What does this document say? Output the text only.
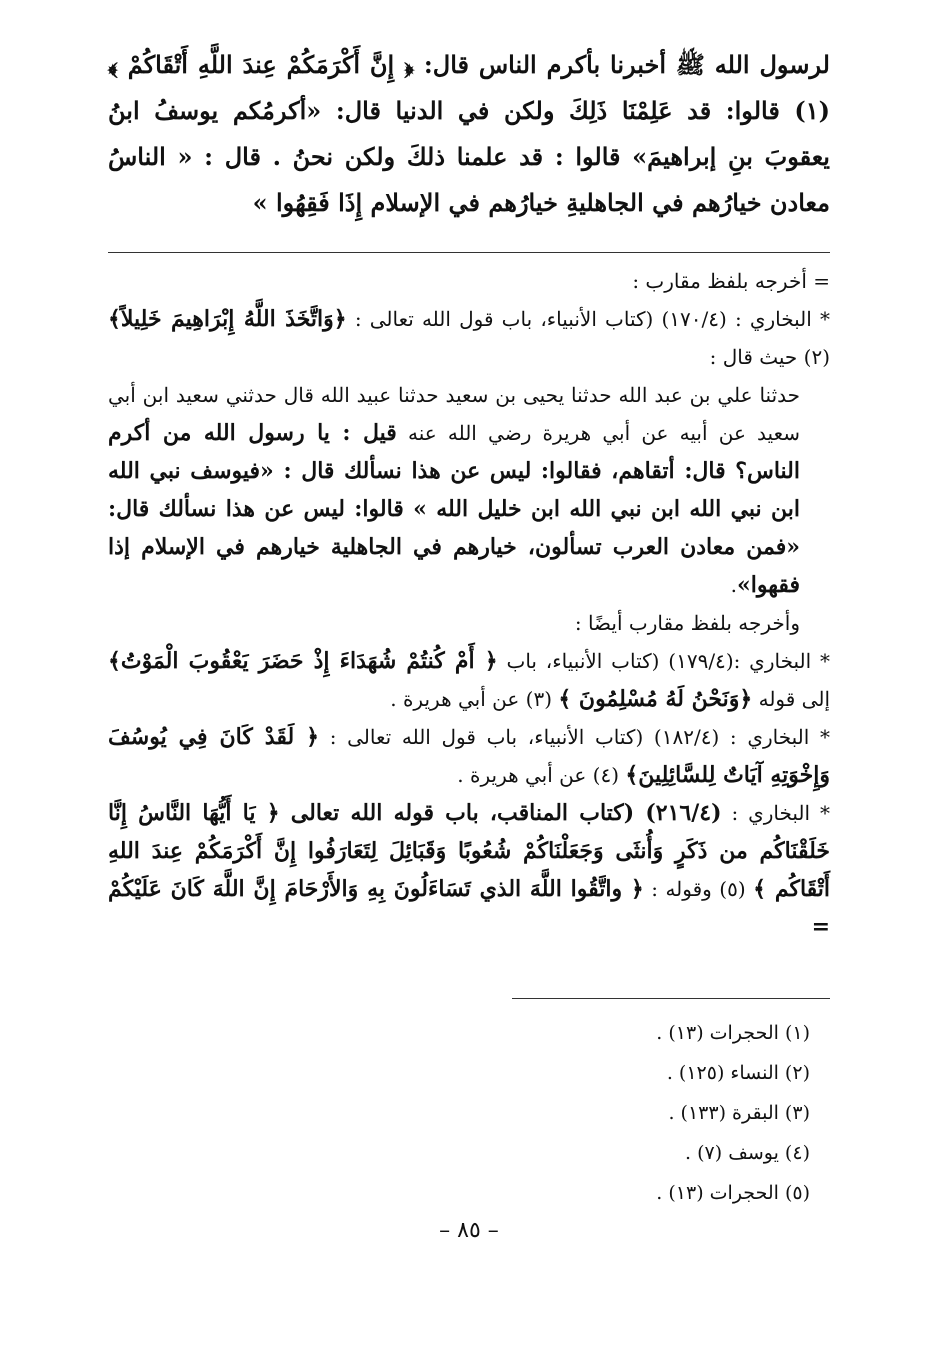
لرسول الله ﷺ أخبرنا بأكرم الناس قال: ﴿ إِنَّ أَكْرَمَكُمْ عِندَ اللَّهِ أَتْقَاكُمْ ﴾ (١) قالوا: قد عَلِمْنَا ذَلِكَ ولكن في الدنيا قال: «أكرمُكم يوسفُ ابنُ يعقوبَ بنِ إبراهيمَ» قالوا : قد علمنا ذلكَ ولكن نحنُ . قال : « الناسُ معادن خيارُهم في الجاهليةِ خيارُهم في الإسلام إِذَا فَقِهُوا »

= أخرجه بلفظ مقارب :

* البخاري : (١٧٠/٤) (كتاب الأنبياء، باب قول الله تعالى : ﴿وَاتَّخَذَ اللَّهُ إِبْرَاهِيمَ خَلِيلاً﴾ (٢) حيث قال :

حدثنا علي بن عبد الله حدثنا يحيى بن سعيد حدثنا عبيد الله قال حدثني سعيد ابن أبي سعيد عن أبيه عن أبي هريرة رضي الله عنه قيل : يا رسول الله من أكرم الناس؟ قال: أتقاهم، فقالوا: ليس عن هذا نسألك قال : «فيوسف نبي الله ابن نبي الله ابن نبي الله ابن خليل الله » قالوا: ليس عن هذا نسألك قال: «فمن معادن العرب تسألون، خيارهم في الجاهلية خيارهم في الإسلام إذا فقهوا».

وأخرجه بلفظ مقارب أيضًا :

* البخاري :(١٧٩/٤) (كتاب الأنبياء، باب ﴿ أَمْ كُنتُمْ شُهَدَاءَ إِذْ حَضَرَ يَعْقُوبَ الْمَوْتُ﴾ إلى قوله ﴿وَنَحْنُ لَهُ مُسْلِمُونَ ﴾ (٣) عن أبي هريرة .

* البخاري : (١٨٢/٤) (كتاب الأنبياء، باب قول الله تعالى : ﴿ لَقَدْ كَانَ فِي يُوسُفَ وَإِخْوَتِهِ آيَاتٌ لِلسَّائِلِينَ﴾ (٤) عن أبي هريرة .

* البخاري : (٢١٦/٤) (كتاب المناقب، باب قوله الله تعالى ﴿ يَا أَيُّهَا النَّاسُ إِنَّا خَلَقْنَاكُم من ذَكَرٍ وَأُنثَى وَجَعَلْنَاكُمْ شُعُوبًا وَقَبَائِلَ لِتَعَارَفُوا إِنَّ أَكْرَمَكُمْ عِندَ اللهِ أَتْقَاكُم ﴾ (٥) وقوله : ﴿ واتَّقُوا اللَّهَ الذي تَسَاءَلُونَ بِهِ وَالأَرْحَامَ إِنَّ اللَّهَ كَانَ عَلَيْكُمْ =

(١) الحجرات (١٣) .
(٢) النساء (١٢٥) .
(٣) البقرة (١٣٣) .
(٤) يوسف (٧) .
(٥) الحجرات (١٣) .
– ٨٥ –
